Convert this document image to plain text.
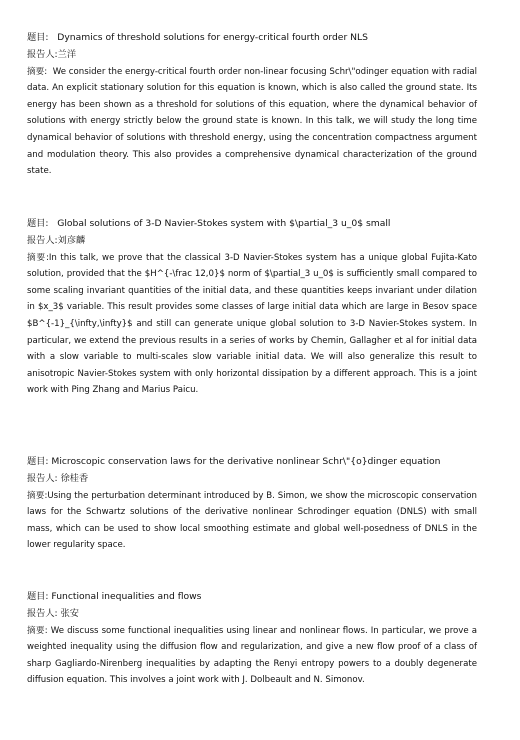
题目: Dynamics of threshold solutions for energy-critical fourth order NLS
报告人:兰洋
摘要: We consider the energy-critical fourth order non-linear focusing Schr\"odinger equation with radial data. An explicit stationary solution for this equation is known, which is also called the ground state. Its energy has been shown as a threshold for solutions of this equation, where the dynamical behavior of solutions with energy strictly below the ground state is known. In this talk, we will study the long time dynamical behavior of solutions with threshold energy, using the concentration compactness argument and modulation theory. This also provides a comprehensive dynamical characterization of the ground state.
题目: Global solutions of 3-D Navier-Stokes system with $\partial_3 u_0$ small
报告人:刘彦麟
摘要:In this talk, we prove that the classical 3-D Navier-Stokes system has a unique global Fujita-Kato solution, provided that the $H^{-\frac 12,0}$ norm of $\partial_3 u_0$ is sufficiently small compared to some scaling invariant quantities of the initial data, and these quantities keeps invariant under dilation in $x_3$ variable. This result provides some classes of large initial data which are large in Besov space $B^{-1}_{\infty,\infty}$ and still can generate unique global solution to 3-D Navier-Stokes system. In particular, we extend the previous results in a series of works by Chemin, Gallagher et al for initial data with a slow variable to multi-scales slow variable initial data. We will also generalize this result to anisotropic Navier-Stokes system with only horizontal dissipation by a different approach. This is a joint work with Ping Zhang and Marius Paicu.
题目: Microscopic conservation laws for the derivative nonlinear Schr\"{o}dinger equation
报告人: 徐桂香
摘要:Using the perturbation determinant introduced by B. Simon, we show the microscopic conservation laws for the Schwartz solutions of the derivative nonlinear Schrodinger equation (DNLS) with small mass, which can be used to show local smoothing estimate and global well-posedness of DNLS in the lower regularity space.
题目: Functional inequalities and flows
报告人: 张安
摘要: We discuss some functional inequalities using linear and nonlinear flows. In particular, we prove a weighted inequality using the diffusion flow and regularization, and give a new flow proof of a class of sharp Gagliardo-Nirenberg inequalities by adapting the Renyi entropy powers to a doubly degenerate diffusion equation. This involves a joint work with J. Dolbeault and N. Simonov.
